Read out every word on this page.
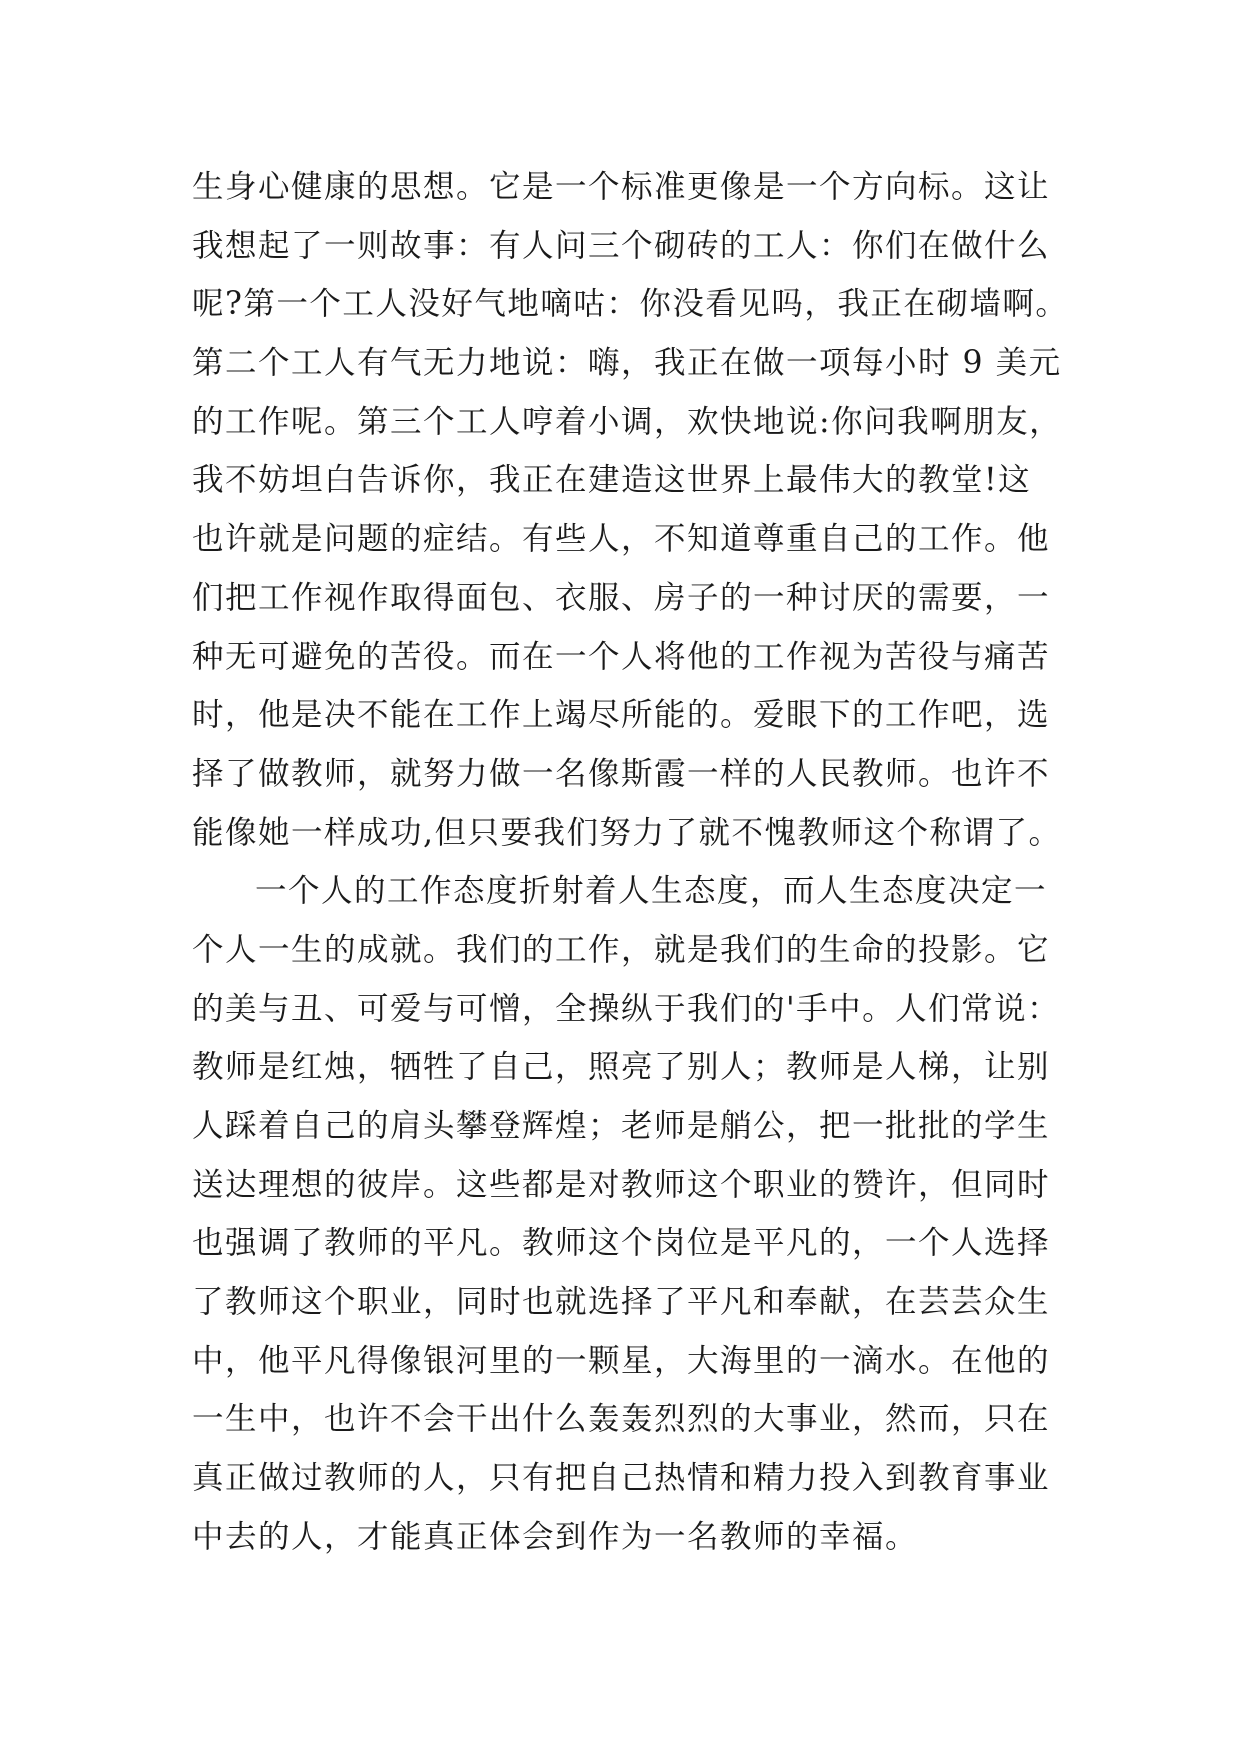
生身心健康的思想。它是一个标准更像是一个方向标。这让
我想起了一则故事：有人问三个砌砖的工人：你们在做什么
呢?第一个工人没好气地嘀咕：你没看见吗，我正在砌墙啊。
第二个工人有气无力地说：嗨，我正在做一项每小时 9 美元
的工作呢。第三个工人哼着小调，欢快地说:你问我啊朋友，
我不妨坦白告诉你，我正在建造这世界上最伟大的教堂!这
也许就是问题的症结。有些人，不知道尊重自己的工作。他
们把工作视作取得面包、衣服、房子的一种讨厌的需要，一
种无可避免的苦役。而在一个人将他的工作视为苦役与痛苦
时，他是决不能在工作上竭尽所能的。爱眼下的工作吧，选
择了做教师，就努力做一名像斯霞一样的人民教师。也许不
能像她一样成功,但只要我们努力了就不愧教师这个称谓了。
一个人的工作态度折射着人生态度，而人生态度决定一
个人一生的成就。我们的工作，就是我们的生命的投影。它
的美与丑、可爱与可憎，全操纵于我们的'手中。人们常说：
教师是红烛，牺牲了自己，照亮了别人；教师是人梯，让别
人踩着自己的肩头攀登辉煌；老师是艄公，把一批批的学生
送达理想的彼岸。这些都是对教师这个职业的赞许，但同时
也强调了教师的平凡。教师这个岗位是平凡的，一个人选择
了教师这个职业，同时也就选择了平凡和奉献，在芸芸众生
中，他平凡得像银河里的一颗星，大海里的一滴水。在他的
一生中，也许不会干出什么轰轰烈烈的大事业，然而，只在
真正做过教师的人，只有把自己热情和精力投入到教育事业
中去的人，才能真正体会到作为一名教师的幸福。
